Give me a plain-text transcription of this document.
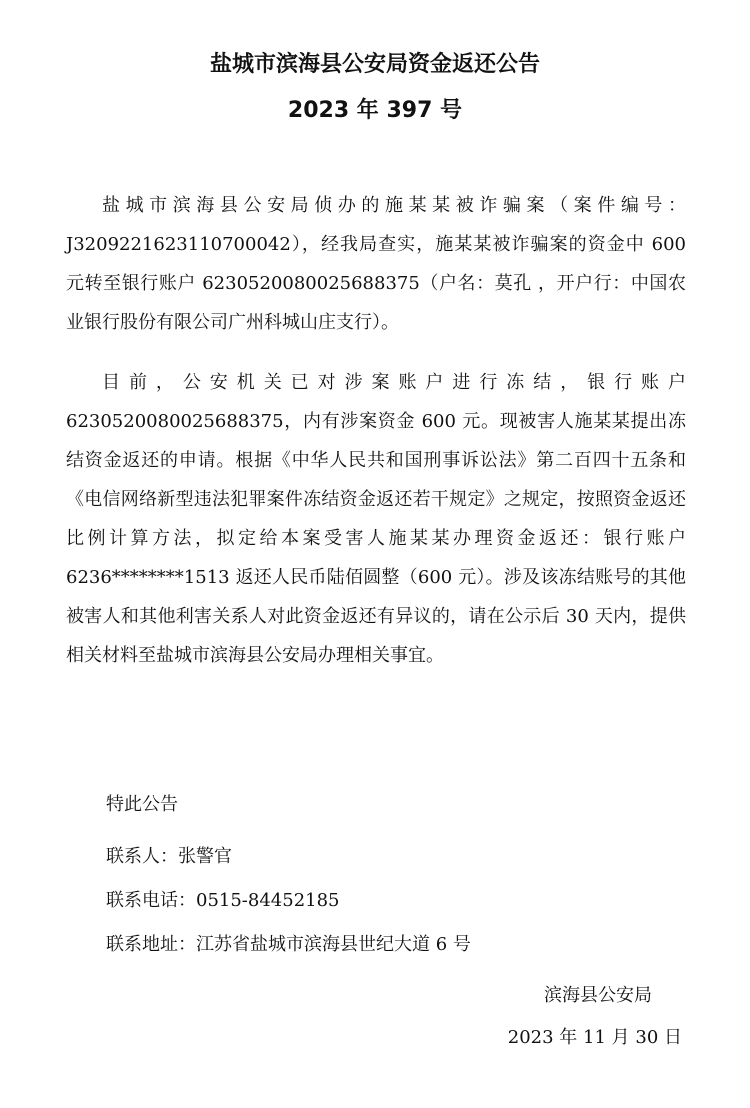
盐城市滨海县公安局资金返还公告
2023 年 397 号

盐城市滨海县公安局侦办的施某某被诈骗案（案件编号：J3209221623110700042），经我局查实，施某某被诈骗案的资金中 600 元转至银行账户 6230520080025688375（户名：莫孔 ，开户行：中国农业银行股份有限公司广州科城山庄支行）。

目前，公安机关已对涉案账户进行冻结，银行账户 6230520080025688375，内有涉案资金 600 元。现被害人施某某提出冻结资金返还的申请。根据《中华人民共和国刑事诉讼法》第二百四十五条和《电信网络新型违法犯罪案件冻结资金返还若干规定》之规定，按照资金返还比例计算方法，拟定给本案受害人施某某办理资金返还：银行账户 6236********1513 返还人民币陆佰圆整（600 元）。涉及该冻结账号的其他被害人和其他利害关系人对此资金返还有异议的，请在公示后 30 天内，提供相关材料至盐城市滨海县公安局办理相关事宜。

特此公告

联系人：张警官

联系电话：0515-84452185

联系地址：江苏省盐城市滨海县世纪大道 6 号

滨海县公安局

2023 年 11 月 30 日
